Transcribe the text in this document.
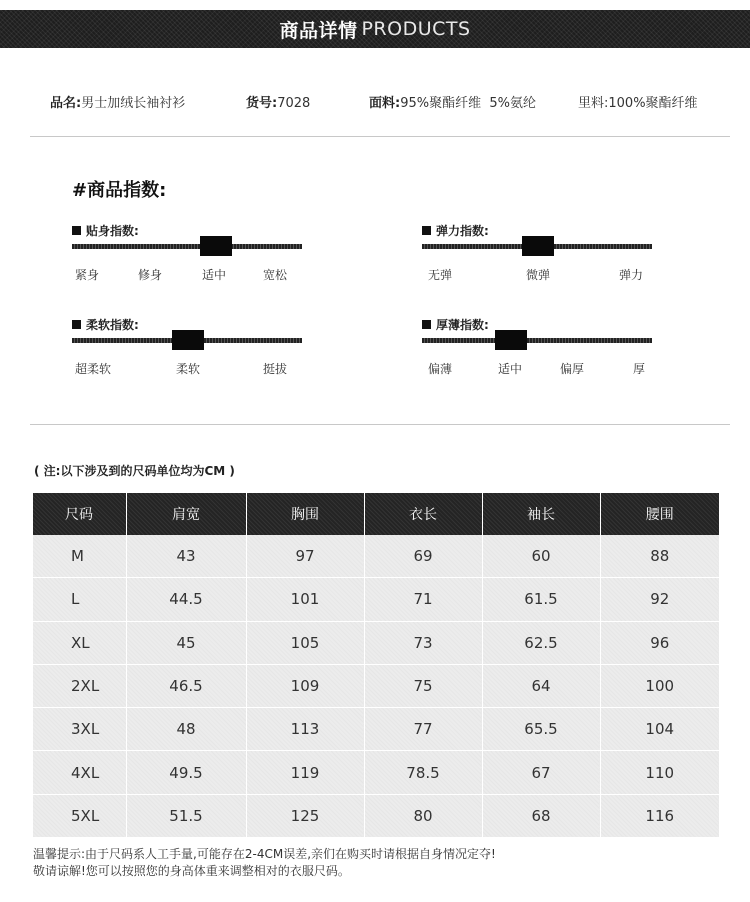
商品详情 PRODUCTS
品名:男士加绒长袖衬衫	货号:7028	面料:95%聚酯纤维  5%氨纶	里料:100%聚酯纤维
#商品指数:
贴身指数:
紧身	修身	适中	宽松
弹力指数:
无弹	微弹	弹力
柔软指数:
超柔软	柔软	挺拔
厚薄指数:
偏薄	适中	偏厚	厚
( 注:以下涉及到的尺码单位均为CM )
尺码	肩宽	胸围	衣长	袖长	腰围
M	43	97	69	60	88
L	44.5	101	71	61.5	92
XL	45	105	73	62.5	96
2XL	46.5	109	75	64	100
3XL	48	113	77	65.5	104
4XL	49.5	119	78.5	67	110
5XL	51.5	125	80	68	116
温馨提示:由于尺码系人工手量,可能存在2-4CM误差,亲们在购买时请根据自身情况定夺!
敬请谅解!您可以按照您的身高体重来调整相对的衣服尺码。
